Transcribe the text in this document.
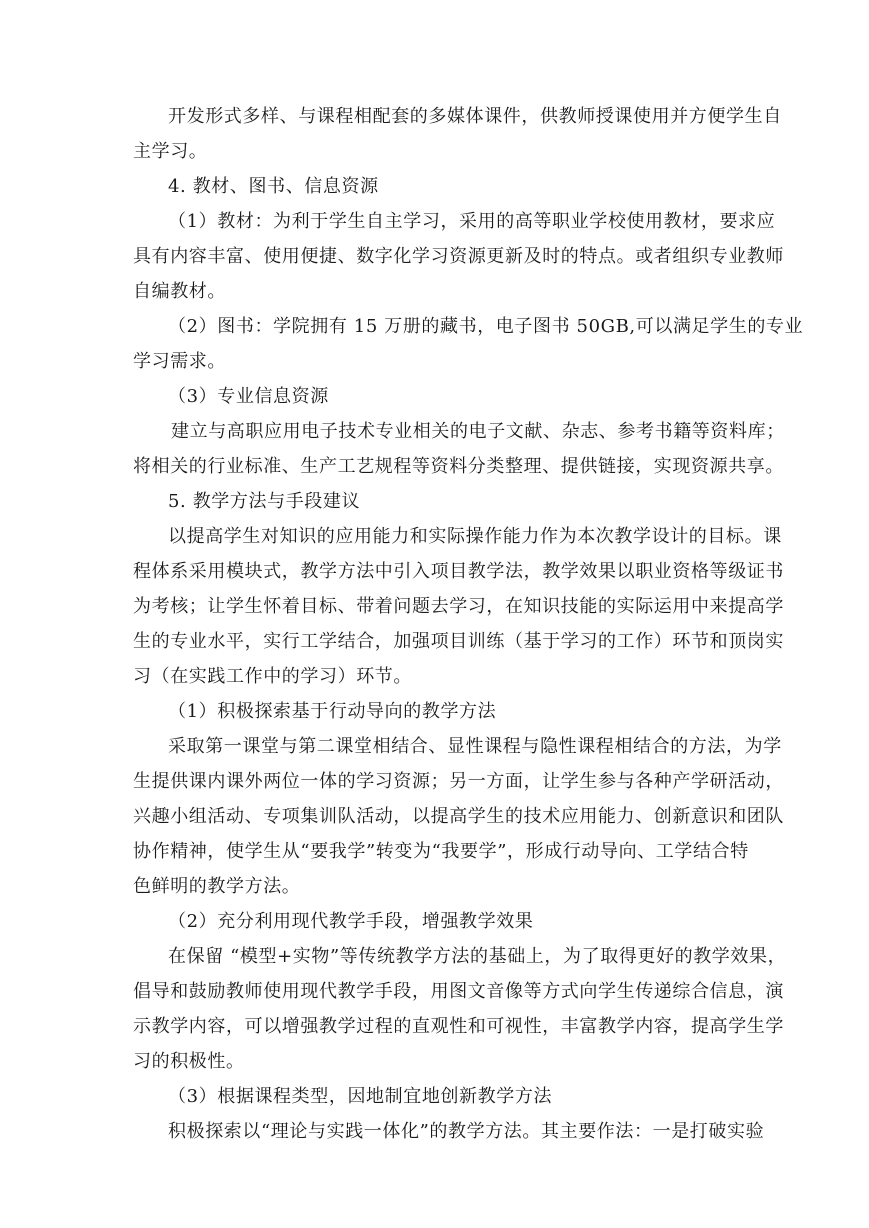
开发形式多样、与课程相配套的多媒体课件，供教师授课使用并方便学生自
主学习。
4. 教材、图书、信息资源
（1）教材：为利于学生自主学习，采用的高等职业学校使用教材，要求应
具有内容丰富、使用便捷、数字化学习资源更新及时的特点。或者组织专业教师
自编教材。
（2）图书：学院拥有 15 万册的藏书，电子图书 50GB,可以满足学生的专业
学习需求。
（3）专业信息资源
建立与高职应用电子技术专业相关的电子文献、杂志、参考书籍等资料库；
将相关的行业标准、生产工艺规程等资料分类整理、提供链接，实现资源共享。
5. 教学方法与手段建议
以提高学生对知识的应用能力和实际操作能力作为本次教学设计的目标。课
程体系采用模块式，教学方法中引入项目教学法，教学效果以职业资格等级证书
为考核；让学生怀着目标、带着问题去学习，在知识技能的实际运用中来提高学
生的专业水平，实行工学结合，加强项目训练（基于学习的工作）环节和顶岗实
习（在实践工作中的学习）环节。
（1）积极探索基于行动导向的教学方法
采取第一课堂与第二课堂相结合、显性课程与隐性课程相结合的方法，为学
生提供课内课外两位一体的学习资源；另一方面，让学生参与各种产学研活动，
兴趣小组活动、专项集训队活动，以提高学生的技术应用能力、创新意识和团队
协作精神，使学生从“要我学”转变为“我要学”，形成行动导向、工学结合特
色鲜明的教学方法。
（2）充分利用现代教学手段，增强教学效果
在保留 “模型+实物”等传统教学方法的基础上，为了取得更好的教学效果，
倡导和鼓励教师使用现代教学手段，用图文音像等方式向学生传递综合信息，演
示教学内容，可以增强教学过程的直观性和可视性，丰富教学内容，提高学生学
习的积极性。
（3）根据课程类型，因地制宜地创新教学方法
积极探索以“理论与实践一体化”的教学方法。其主要作法：一是打破实验
